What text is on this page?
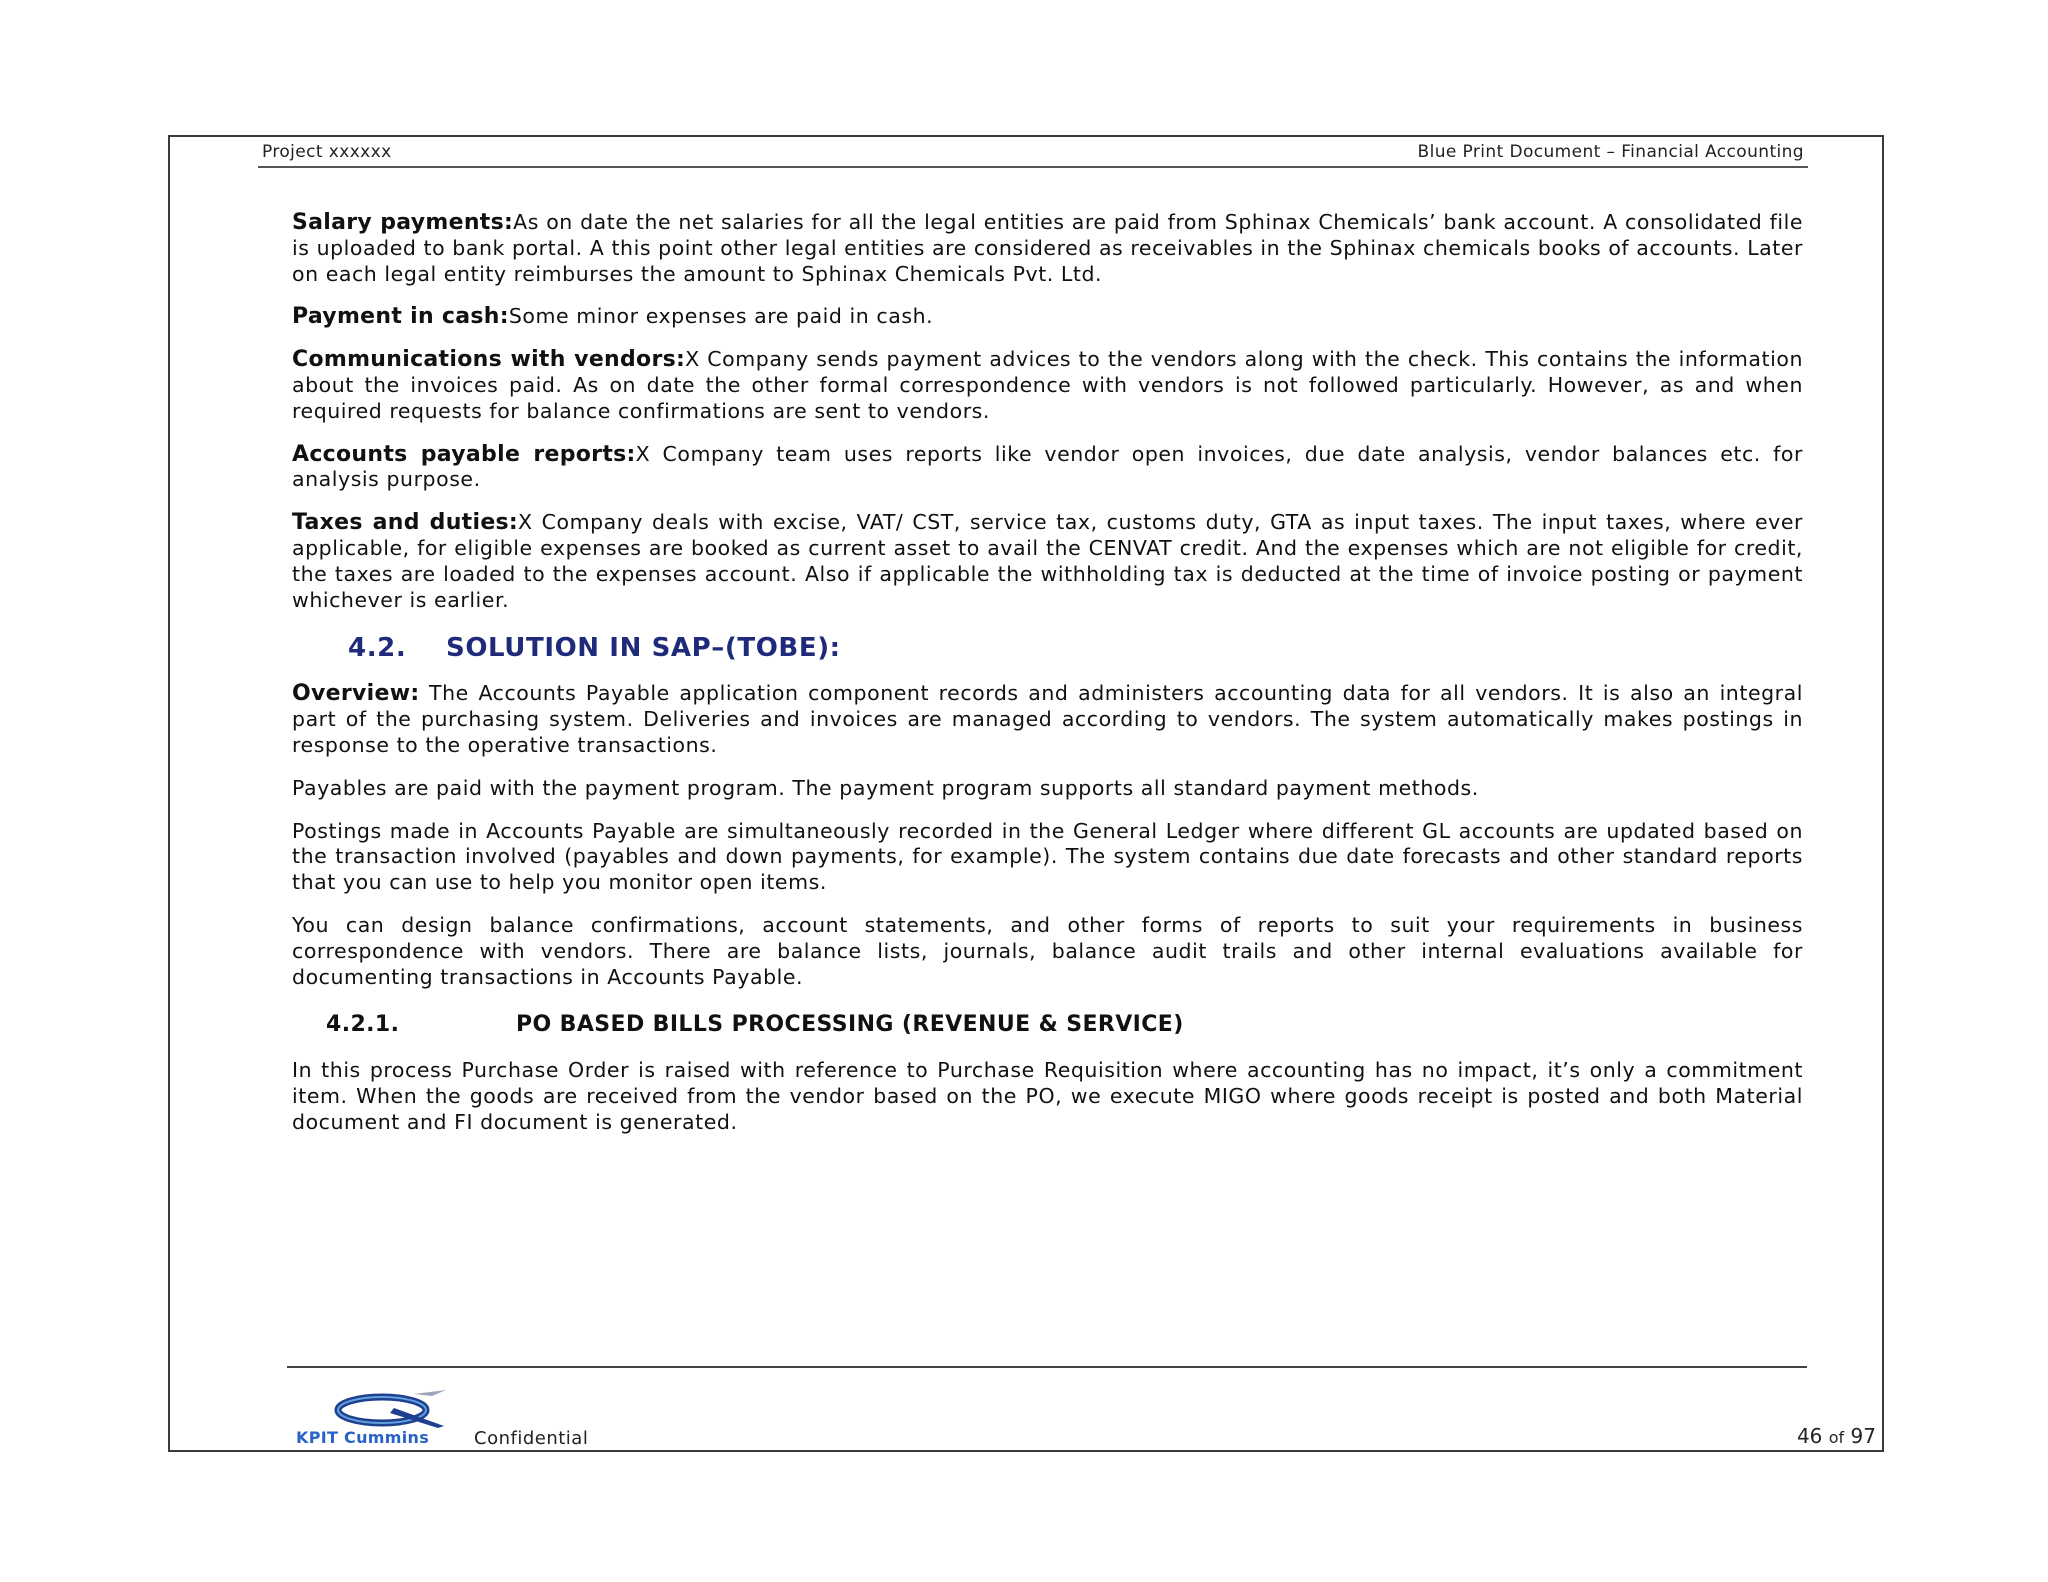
Project xxxxxx	Blue Print Document – Financial Accounting

Salary payments:As on date the net salaries for all the legal entities are paid from Sphinax Chemicals’ bank account. A consolidated file is uploaded to bank portal. A this point other legal entities are considered as receivables in the Sphinax chemicals books of accounts. Later on each legal entity reimburses the amount to Sphinax Chemicals Pvt. Ltd.

Payment in cash:Some minor expenses are paid in cash.

Communications with vendors:X Company sends payment advices to the vendors along with the check. This contains the information about the invoices paid. As on date the other formal correspondence with vendors is not followed particularly. However, as and when required requests for balance confirmations are sent to vendors.

Accounts payable reports:X Company team uses reports like vendor open invoices, due date analysis, vendor balances etc. for analysis purpose.

Taxes and duties:X Company deals with excise, VAT/ CST, service tax, customs duty, GTA as input taxes. The input taxes, where ever applicable, for eligible expenses are booked as current asset to avail the CENVAT credit. And the expenses which are not eligible for credit, the taxes are loaded to the expenses account. Also if applicable the withholding tax is deducted at the time of invoice posting or payment whichever is earlier.

4.2. SOLUTION IN SAP–(TOBE):

Overview: The Accounts Payable application component records and administers accounting data for all vendors. It is also an integral part of the purchasing system. Deliveries and invoices are managed according to vendors. The system automatically makes postings in response to the operative transactions.

Payables are paid with the payment program. The payment program supports all standard payment methods.

Postings made in Accounts Payable are simultaneously recorded in the General Ledger where different GL accounts are updated based on the transaction involved (payables and down payments, for example). The system contains due date forecasts and other standard reports that you can use to help you monitor open items.

You can design balance confirmations, account statements, and other forms of reports to suit your requirements in business correspondence with vendors. There are balance lists, journals, balance audit trails and other internal evaluations available for documenting transactions in Accounts Payable.

4.2.1.	PO BASED BILLS PROCESSING (REVENUE & SERVICE)

In this process Purchase Order is raised with reference to Purchase Requisition where accounting has no impact, it’s only a commitment item. When the goods are received from the vendor based on the PO, we execute MIGO where goods receipt is posted and both Material document and FI document is generated.

KPIT Cummins Confidential	46 of 97
